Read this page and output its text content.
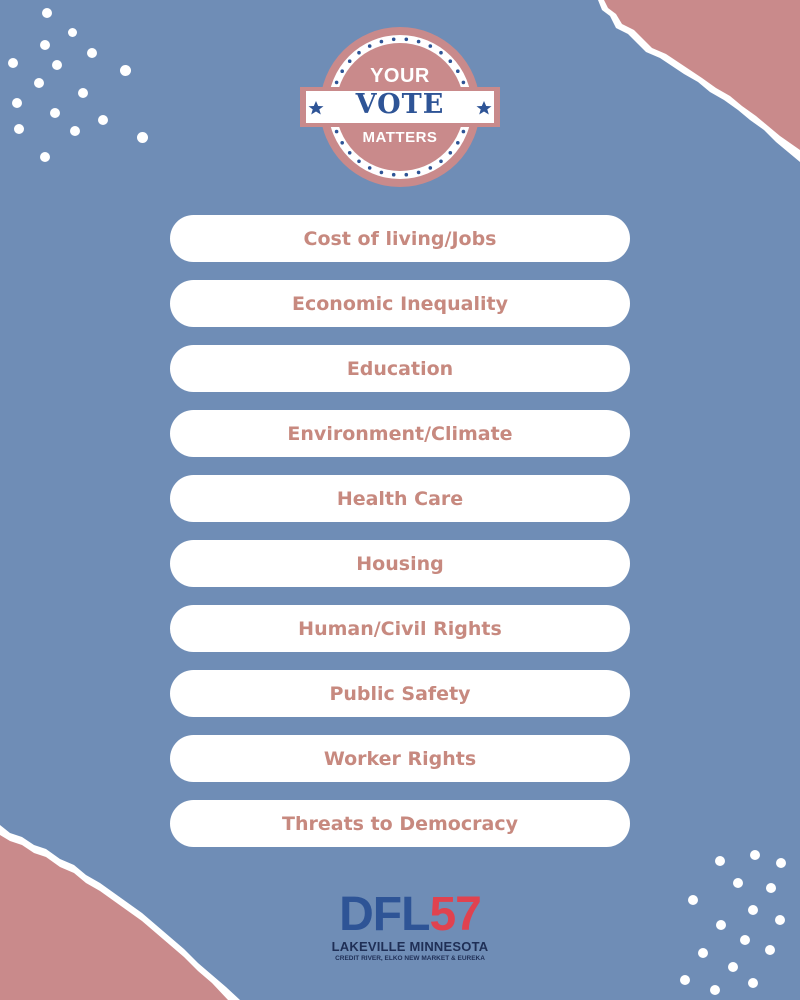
YOUR
VOTE
MATTERS
Cost of living/Jobs
Economic Inequality
Education
Environment/Climate
Health Care
Housing
Human/Civil Rights
Public Safety
Worker Rights
Threats to Democracy
DFL 57
LAKEVILLE MINNESOTA
CREDIT RIVER, ELKO NEW MARKET & EUREKA
